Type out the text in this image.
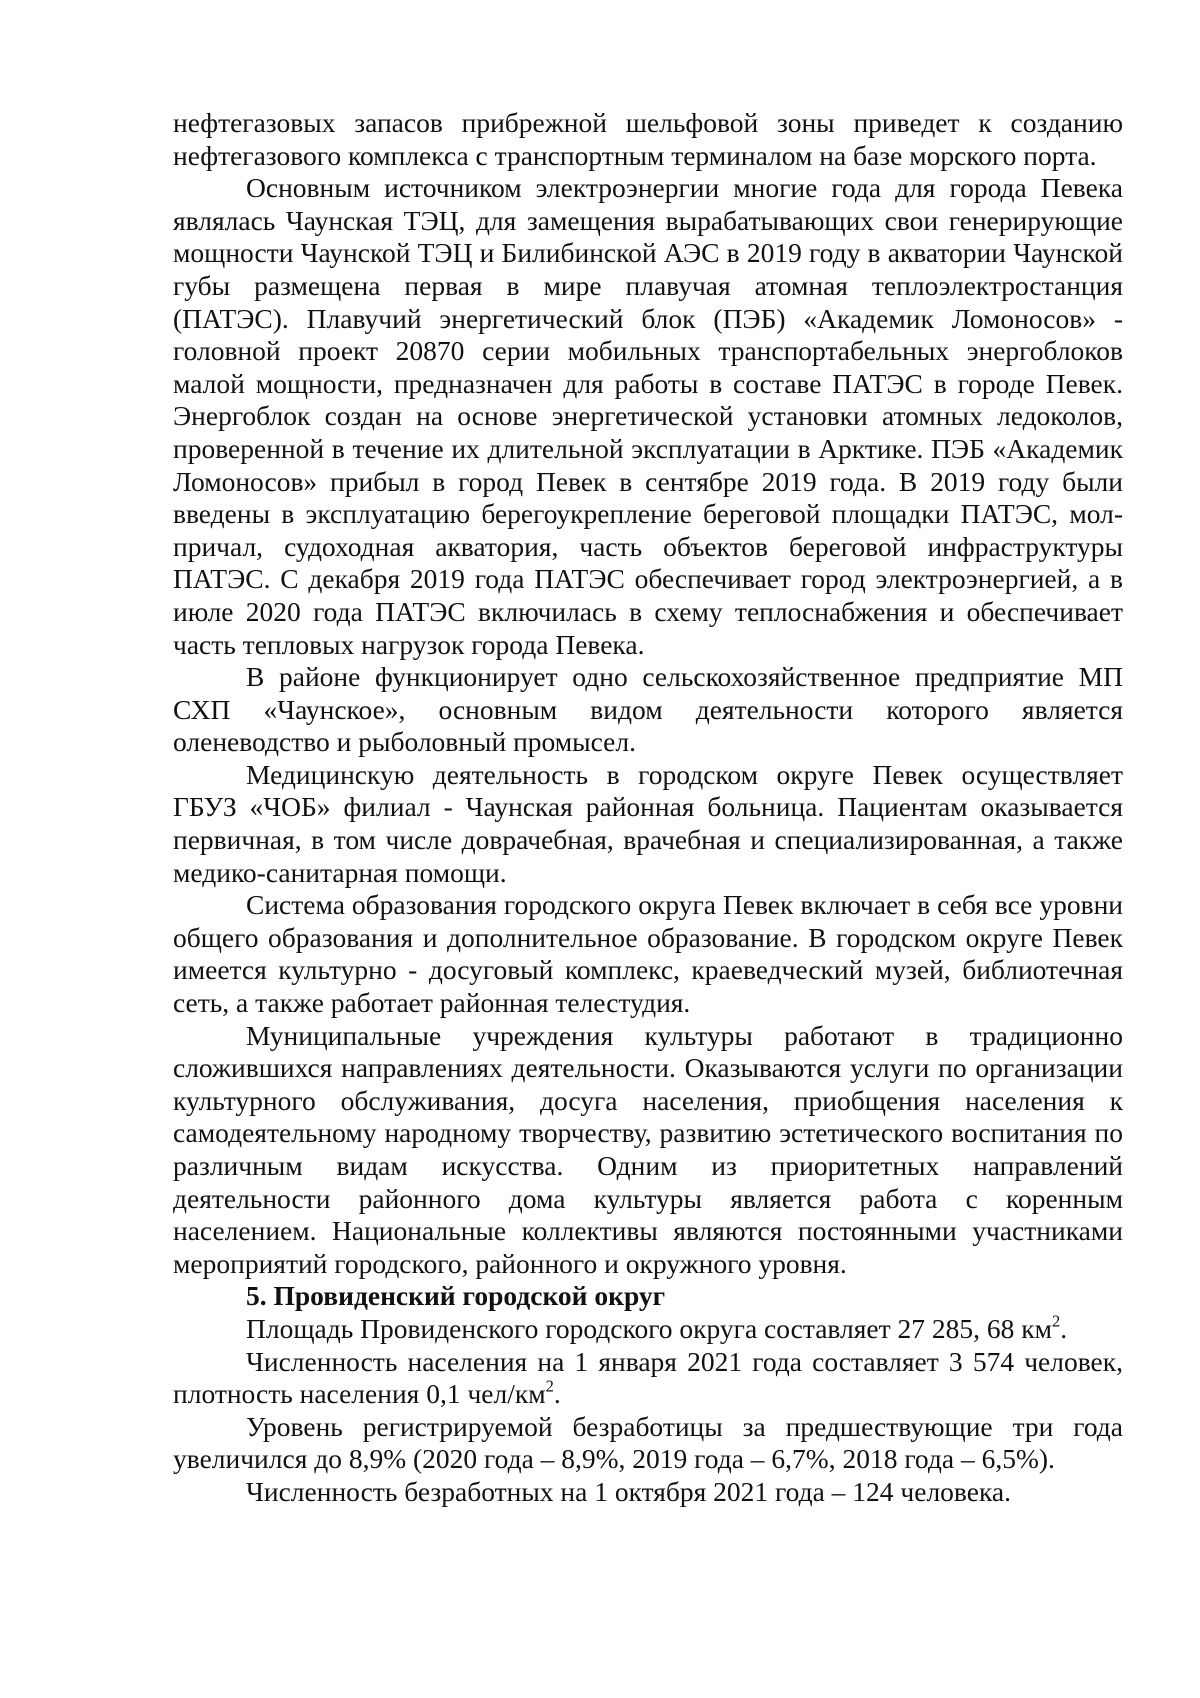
нефтегазовых запасов прибрежной шельфовой зоны приведет к созданию нефтегазового комплекса с транспортным терминалом на базе морского порта.

Основным источником электроэнергии многие года для города Певека являлась Чаунская ТЭЦ, для замещения вырабатывающих свои генерирующие мощности Чаунской ТЭЦ и Билибинской АЭС в 2019 году в акватории Чаунской губы размещена первая в мире плавучая атомная теплоэлектростанция (ПАТЭС). Плавучий энергетический блок (ПЭБ) «Академик Ломоносов» - головной проект 20870 серии мобильных транспортабельных энергоблоков малой мощности, предназначен для работы в составе ПАТЭС в городе Певек. Энергоблок создан на основе энергетической установки атомных ледоколов, проверенной в течение их длительной эксплуатации в Арктике. ПЭБ «Академик Ломоносов» прибыл в город Певек в сентябре 2019 года. В 2019 году были введены в эксплуатацию берегоукрепление береговой площадки ПАТЭС, мол-причал, судоходная акватория, часть объектов береговой инфраструктуры ПАТЭС. С декабря 2019 года ПАТЭС обеспечивает город электроэнергией, а в июле 2020 года ПАТЭС включилась в схему теплоснабжения и обеспечивает часть тепловых нагрузок города Певека.

В районе функционирует одно сельскохозяйственное предприятие МП СХП «Чаунское», основным видом деятельности которого является оленеводство и рыболовный промысел.

Медицинскую деятельность в городском округе Певек осуществляет ГБУЗ «ЧОБ» филиал - Чаунская районная больница. Пациентам оказывается первичная, в том числе доврачебная, врачебная и специализированная, а также медико-санитарная помощи.

Система образования городского округа Певек включает в себя все уровни общего образования и дополнительное образование. В городском округе Певек имеется культурно - досуговый комплекс, краеведческий музей, библиотечная сеть, а также работает районная телестудия.

Муниципальные учреждения культуры работают в традиционно сложившихся направлениях деятельности. Оказываются услуги по организации культурного обслуживания, досуга населения, приобщения населения к самодеятельному народному творчеству, развитию эстетического воспитания по различным видам искусства. Одним из приоритетных направлений деятельности районного дома культуры является работа с коренным населением. Национальные коллективы являются постоянными участниками мероприятий городского, районного и окружного уровня.

5. Провиденский городской округ

Площадь Провиденского городского округа составляет 27 285, 68 $км^2$.

Численность населения на 1 января 2021 года составляет 3 574 человек, плотность населения 0,1 чел/$км^2$.

Уровень регистрируемой безработицы за предшествующие три года увеличился до 8,9% (2020 года – 8,9%, 2019 года – 6,7%, 2018 года – 6,5%).

Численность безработных на 1 октября 2021 года – 124 человека.
